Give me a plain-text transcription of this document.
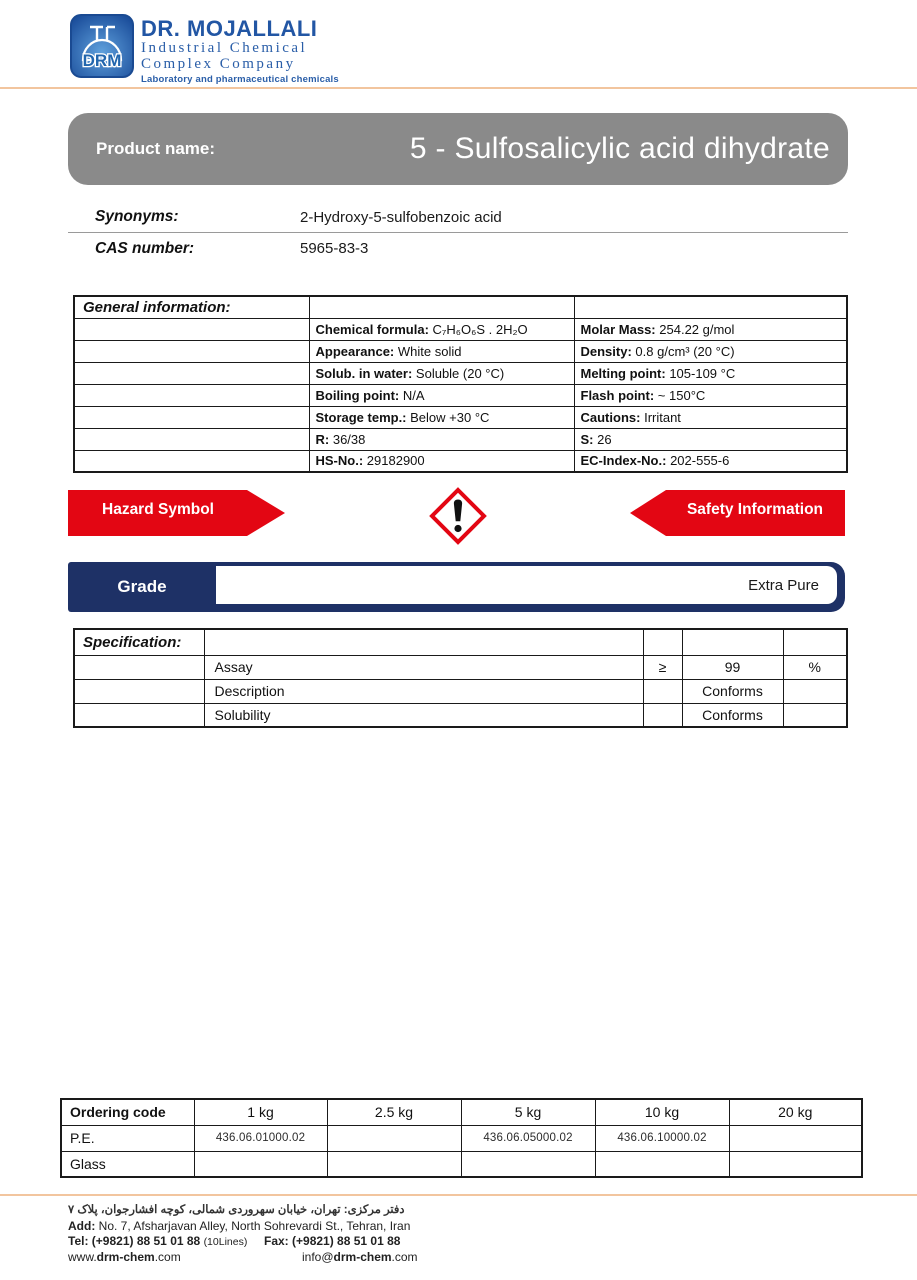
DRM
DR. MOJALLALI
Industrial Chemical
Complex Company
Laboratory and pharmaceutical chemicals
Product name:	5 - Sulfosalicylic acid dihydrate
Synonyms:	2-Hydroxy-5-sulfobenzoic acid
CAS number:	5965-83-3
General information:		
	Chemical formula: C₇H₆O₆S . 2H₂O	Molar Mass: 254.22 g/mol
	Appearance: White solid	Density: 0.8 g/cm³ (20 °C)
	Solub. in water: Soluble (20 °C)	Melting point: 105-109 °C
	Boiling point: N/A	Flash point: ~ 150°C
	Storage temp.: Below +30 °C	Cautions: Irritant
	R: 36/38	S: 26
	HS-No.: 29182900	EC-Index-No.: 202-555-6
Hazard Symbol	Safety Information
Grade	Extra Pure
Specification:				
	Assay	≥	99	%
	Description		Conforms	
	Solubility		Conforms	
Ordering code	1 kg	2.5 kg	5 kg	10 kg	20 kg
P.E.	436.06.01000.02		436.06.05000.02	436.06.10000.02	
Glass					
دفتر مرکزی: تهران، خیابان سهروردی شمالی، کوچه افشارجوان، پلاک ۷
Add: No. 7, Afsharjavan Alley, North Sohrevardi St., Tehran, Iran
Tel: (+9821) 88 51 01 88 (10Lines)	Fax: (+9821) 88 51 01 88
www.drm-chem.com	info@drm-chem.com
